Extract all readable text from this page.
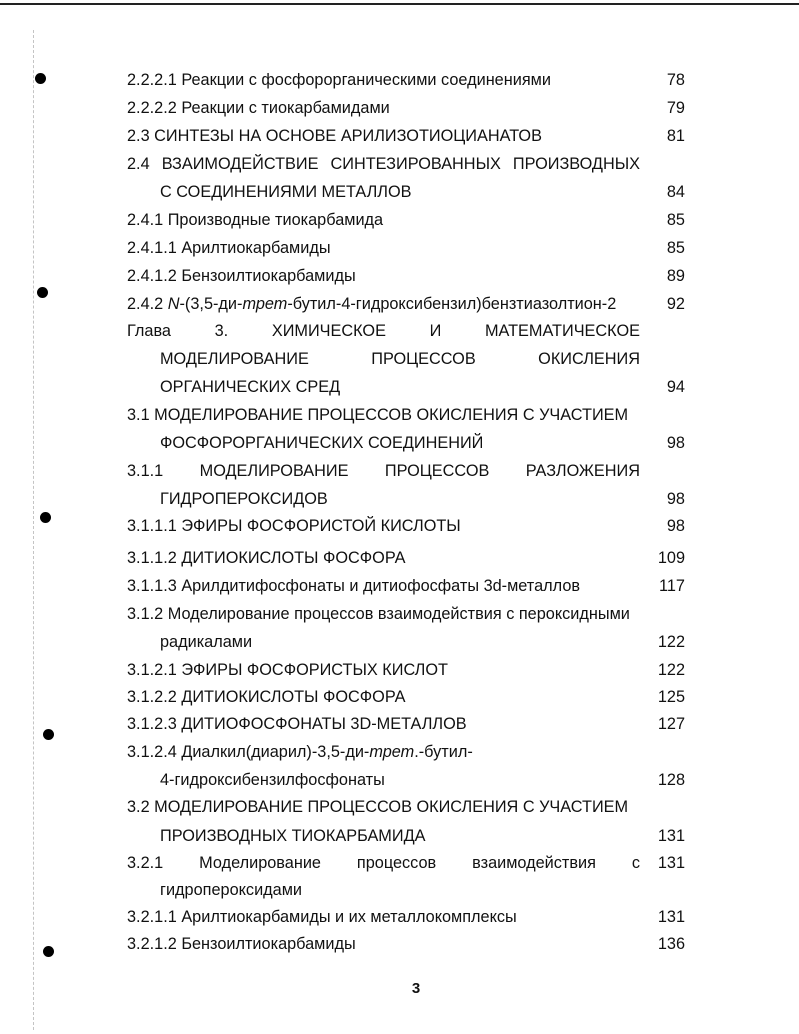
2.2.2.1 Реакции с фосфорорганическими соединениями	78
2.2.2.2 Реакции с тиокарбамидами	79
2.3 СИНТЕЗЫ НА ОСНОВЕ АРИЛИЗОТИОЦИАНАТОВ	81
2.4 ВЗАИМОДЕЙСТВИЕ СИНТЕЗИРОВАННЫХ ПРОИЗВОДНЫХ
С СОЕДИНЕНИЯМИ МЕТАЛЛОВ	84
2.4.1 Производные тиокарбамида	85
2.4.1.1 Арилтиокарбамиды	85
2.4.1.2 Бензоилтиокарбамиды	89
2.4.2 N-(3,5-ди-трет-бутил-4-гидроксибензил)бензтиазолтион-2	92
Глава 3. ХИМИЧЕСКОЕ И МАТЕМАТИЧЕСКОЕ
МОДЕЛИРОВАНИЕ ПРОЦЕССОВ ОКИСЛЕНИЯ
ОРГАНИЧЕСКИХ СРЕД	94
3.1 МОДЕЛИРОВАНИЕ ПРОЦЕССОВ ОКИСЛЕНИЯ С УЧАСТИЕМ
ФОСФОРОРГАНИЧЕСКИХ СОЕДИНЕНИЙ	98
3.1.1 МОДЕЛИРОВАНИЕ ПРОЦЕССОВ РАЗЛОЖЕНИЯ
ГИДРОПЕРОКСИДОВ	98
3.1.1.1 ЭФИРЫ ФОСФОРИСТОЙ КИСЛОТЫ	98
3.1.1.2 ДИТИОКИСЛОТЫ ФОСФОРА	109
3.1.1.3 Арилдитифосфонаты и дитиофосфаты 3d-металлов	117
3.1.2 Моделирование процессов взаимодействия с пероксидными
радикалами	122
3.1.2.1 ЭФИРЫ ФОСФОРИСТЫХ КИСЛОТ	122
3.1.2.2 ДИТИОКИСЛОТЫ ФОСФОРА	125
3.1.2.3 ДИТИОФОСФОНАТЫ 3D-МЕТАЛЛОВ	127
3.1.2.4 Диалкил(диарил)-3,5-ди-трет.-бутил-
4-гидроксибензилфосфонаты	128
3.2 МОДЕЛИРОВАНИЕ ПРОЦЕССОВ ОКИСЛЕНИЯ С УЧАСТИЕМ
ПРОИЗВОДНЫХ ТИОКАРБАМИДА	131
3.2.1 Моделирование процессов взаимодействия с	131
гидропероксидами
3.2.1.1 Арилтиокарбамиды и их металлокомплексы	131
3.2.1.2 Бензоилтиокарбамиды	136
3
